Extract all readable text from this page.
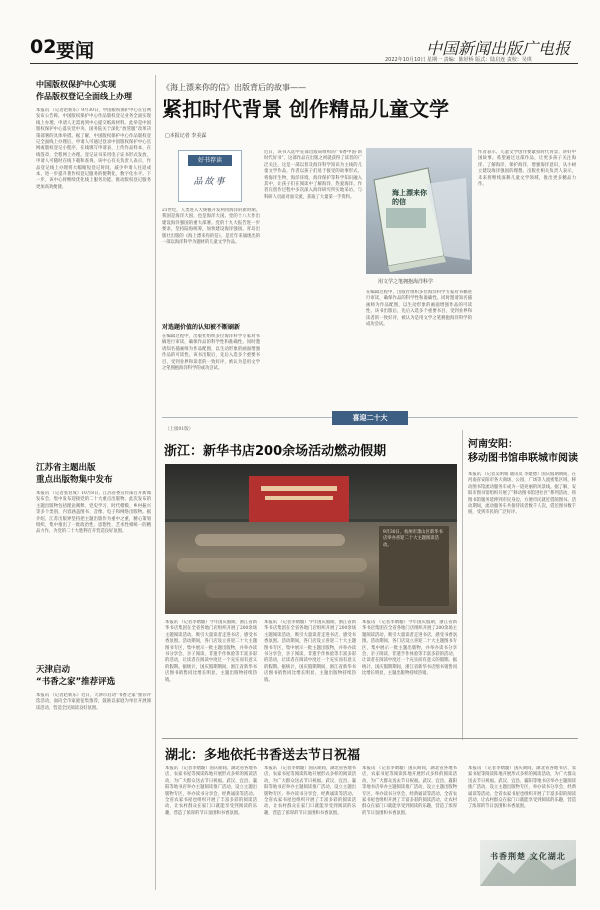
02 要闻	中国新闻出版广电报
2022年10月10日 星期一 责编：陈妤桥 版式：陆启连 责校：吴琪
中国版权保护中心实现
作品版权登记全面线上办理
本报讯 （记者赵新乐）9月30日，中国版权保护中心在官网发布公告称，中国版权保护中心作品版权登记业务全面实现线上办理，申请人无需再到中心提交纸质材料。此举是中国版权保护中心落实党中央、国务院关于深化“放管服”改革决策部署的具体举措。据了解，中国版权保护中心作品版权登记全面线上办理后，申请人可通过登录中国版权保护中心官网或版权登记小程序，在线填写申请表、上传作品样本、在线签章，全程网上办理。登记证书采用电子证书形式发放，申请人可随时在线下载和查询。该中心有关负责人表示，作品登记线上办理将大幅缩短登记时间，减少申请人往返成本，进一步提升著作权登记服务的便利化、数字化水平。下一步，该中心将继续优化线上服务功能，推动版权登记服务更加高效便捷。
江苏省主题出版
重点出版物集中发布
本报讯 （记者张君成）10月8日，江苏省委宣传部召开新闻发布会，集中发布迎接党的二十大重点出版物。此次发布的主题出版物包括理论阐释、党史学习、时代楷模、乡村振兴等多个类别，内容涵盖图书、音像、电子和网络出版物。据介绍，江苏出版界坚持把主题出版作为重中之重，精心策划组织，集中推出了一批政治性、思想性、艺术性相统一的精品力作，为党的二十大胜利召开营造良好氛围。
天津启动
“书香之家”推荐评选
本报讯 （记者赵新乐）近日，天津市启动“书香之家”推荐评选活动，面向全市家庭征集推荐，鼓励以家庭为单位开展阅读活动，营造全民阅读良好氛围。
《海上漂来你的信》出版背后的故事——
紧扣时代背景 创作精品儿童文学
□本报记者 李美霖
好书荐读
品故事
21世纪，人类进入大规模开发利用海洋的新时期。我国是海洋大国，也是海洋大国。党的十八大作出建设海洋强国的重大部署。党的十九大报告进一步要求，坚持陆海统筹，加快建设海洋强国。青岛出版社出版的《海上漂来你的信》，是近年来涌现出的一部以海洋科学为题材的儿童文学作品。
对选题价值的认知被不断刷新
在编辑过程中，出版社组织多位海洋科学专家对书稿进行审读，确保作品的科学性和准确性。同时邀请知名插画师为作品配图，以生动形象的画面增强作品的可读性。该书出版后，先后入选多个重要书目，受到业界和读者的一致好评，被认为是用文学之笔拥抱海洋科学的成功尝试。
近日，该书入选中宣部出版局组织的“书香中国·新时代好书”，这部作品在出版之初就获得了读者的广泛关注。这是一部以普及海洋科学知识为主线的儿童文学作品，作者以孩子们易于接受的故事形式，将海洋生物、海洋环境、海洋保护等科学知识融入其中，让孩子们在阅读中了解海洋、热爱海洋。作者在创作过程中多次深入海洋研究所实地采访，与科研人员面对面交流，获取了大量第一手资料。
海上漂来你的信
用文学之笔拥抱海洋科学
在编辑过程中，出版社组织多位海洋科学专家对书稿进行审读，确保作品的科学性和准确性。同时邀请知名插画师为作品配图，以生动形象的画面增强作品的可读性。该书出版后，先后入选多个重要书目，受到业界和读者的一致好评，被认为是用文学之笔拥抱海洋科学的成功尝试。
作者表示，儿童文学创作要紧扣时代背景，讲好中国故事。希望通过这部作品，让更多孩子关注海洋、了解海洋、保护海洋，增强海洋意识，从小树立建设海洋强国的理想。出版社相关负责人表示，未来将继续深耕儿童文学领域，推出更多精品力作。
喜迎二十大
（上接01版）
浙江：新华书店200余场活动燃动假期
9月30日，杭州市萧山区新华书店举办喜迎二十大主题阅读活动。
本报讯 （记者李婧璇）今年国庆假期，浙江省新华书店集团在全省各地门店组织开展了200余场主题阅读活动，吸引大量读者走进书店，感受书香氛围。活动期间，各门店设立喜迎二十大主题图书专区，集中展示一批主题出版物，并举办读书分享会、亲子阅读、非遗手作体验等丰富多彩的活动，让读者在阅读中度过一个充实而有意义的假期。据统计，国庆假期期间，浙江省新华书店图书销售同比增长明显，主题出版物持续热销。
本报讯 （记者李婧璇）今年国庆假期，浙江省新华书店集团在全省各地门店组织开展了200余场主题阅读活动，吸引大量读者走进书店，感受书香氛围。活动期间，各门店设立喜迎二十大主题图书专区，集中展示一批主题出版物，并举办读书分享会、亲子阅读、非遗手作体验等丰富多彩的活动，让读者在阅读中度过一个充实而有意义的假期。据统计，国庆假期期间，浙江省新华书店图书销售同比增长明显，主题出版物持续热销。
本报讯 （记者李婧璇）今年国庆假期，浙江省新华书店集团在全省各地门店组织开展了200余场主题阅读活动，吸引大量读者走进书店，感受书香氛围。活动期间，各门店设立喜迎二十大主题图书专区，集中展示一批主题出版物，并举办读书分享会、亲子阅读、非遗手作体验等丰富多彩的活动，让读者在阅读中度过一个充实而有意义的假期。据统计，国庆假期期间，浙江省新华书店图书销售同比增长明显，主题出版物持续热销。
河南安阳：
移动图书馆串联城市阅读
本报讯 （记者吴明娟 通讯员 李建德）国庆假期期间，在河南省安阳市各大商场、公园、广场等人流密集区域，移动图书馆流动服务车成为一道亮丽的风景线。据了解，安阳市图书馆组织开展了“移动图书馆进社区”系列活动，将图书馆服务延伸到市民身边，方便市民就近借阅图书。活动期间，流动服务车共接待读者数千人次，借还图书数千册，受到市民的广泛好评。
湖北：多地依托书香送去节日祝福
本报讯 （记者李婧璇）国庆期间，湖北省各地书店、农家书屋等阅读阵地开展形式多样的阅读活动，为广大群众送去节日祝福。武汉、宜昌、襄阳等地书店举办主题阅读推广活动，设立主题出版物专区，举办读书分享会、经典诵读等活动。全省农家书屋也组织开展了丰富多彩的阅读活动，让农村群众在家门口就能享受到阅读的乐趣，营造了浓厚的节日氛围和书香氛围。
本报讯 （记者李婧璇）国庆期间，湖北省各地书店、农家书屋等阅读阵地开展形式多样的阅读活动，为广大群众送去节日祝福。武汉、宜昌、襄阳等地书店举办主题阅读推广活动，设立主题出版物专区，举办读书分享会、经典诵读等活动。全省农家书屋也组织开展了丰富多彩的阅读活动，让农村群众在家门口就能享受到阅读的乐趣，营造了浓厚的节日氛围和书香氛围。
本报讯 （记者李婧璇）国庆期间，湖北省各地书店、农家书屋等阅读阵地开展形式多样的阅读活动，为广大群众送去节日祝福。武汉、宜昌、襄阳等地书店举办主题阅读推广活动，设立主题出版物专区，举办读书分享会、经典诵读等活动。全省农家书屋也组织开展了丰富多彩的阅读活动，让农村群众在家门口就能享受到阅读的乐趣，营造了浓厚的节日氛围和书香氛围。
本报讯 （记者李婧璇）国庆期间，湖北省各地书店、农家书屋等阅读阵地开展形式多样的阅读活动，为广大群众送去节日祝福。武汉、宜昌、襄阳等地书店举办主题阅读推广活动，设立主题出版物专区，举办读书分享会、经典诵读等活动。全省农家书屋也组织开展了丰富多彩的阅读活动，让农村群众在家门口就能享受到阅读的乐趣，营造了浓厚的节日氛围和书香氛围。
书香荆楚 文化湖北
